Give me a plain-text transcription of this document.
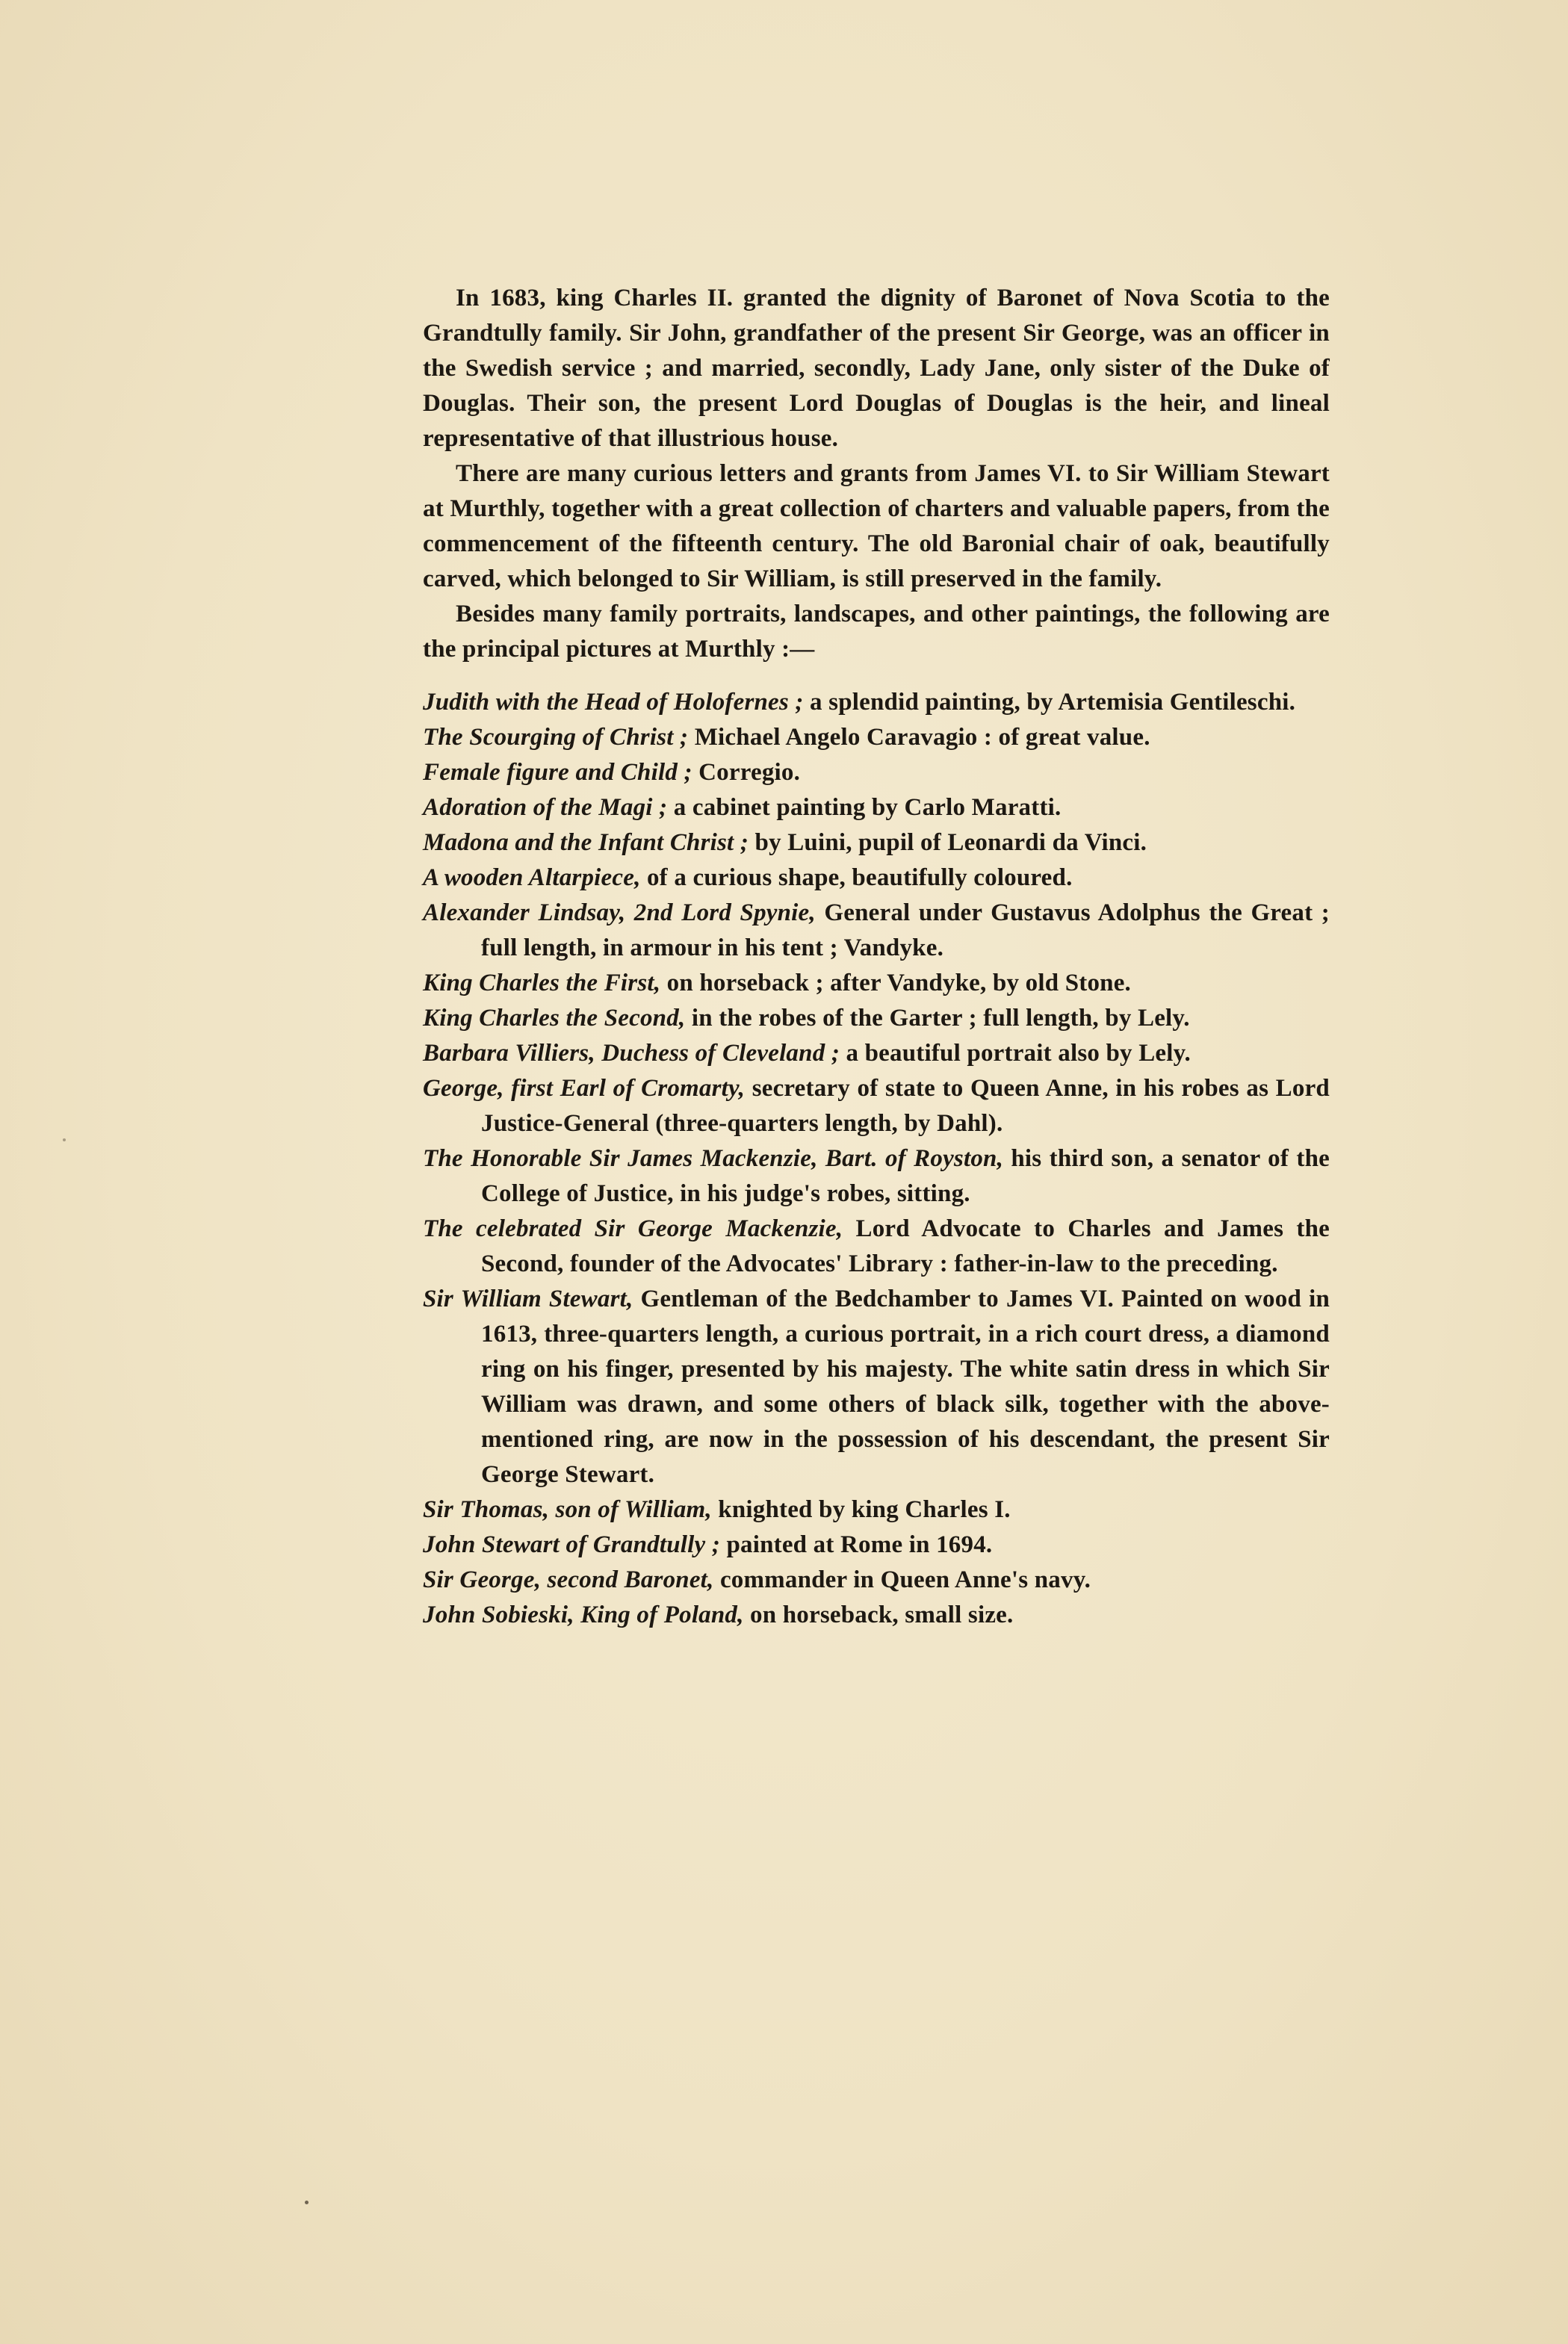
In 1683, king Charles II. granted the dignity of Baronet of Nova Scotia to the Grandtully family. Sir John, grandfather of the present Sir George, was an officer in the Swedish service ; and married, secondly, Lady Jane, only sister of the Duke of Douglas. Their son, the present Lord Douglas of Douglas is the heir, and lineal representative of that illustrious house.

There are many curious letters and grants from James VI. to Sir William Stewart at Murthly, together with a great collection of charters and valuable papers, from the commencement of the fifteenth century. The old Baronial chair of oak, beautifully carved, which belonged to Sir William, is still preserved in the family.

Besides many family portraits, landscapes, and other paintings, the following are the principal pictures at Murthly :—

Judith with the Head of Holofernes ; a splendid painting, by Artemisia Gentileschi.

The Scourging of Christ ; Michael Angelo Caravagio : of great value.

Female figure and Child ; Corregio.

Adoration of the Magi ; a cabinet painting by Carlo Maratti.

Madona and the Infant Christ ; by Luini, pupil of Leonardi da Vinci.

A wooden Altarpiece, of a curious shape, beautifully coloured.

Alexander Lindsay, 2nd Lord Spynie, General under Gustavus Adolphus the Great ; full length, in armour in his tent ; Vandyke.

King Charles the First, on horseback ; after Vandyke, by old Stone.

King Charles the Second, in the robes of the Garter ; full length, by Lely.

Barbara Villiers, Duchess of Cleveland ; a beautiful portrait also by Lely.

George, first Earl of Cromarty, secretary of state to Queen Anne, in his robes as Lord Justice-General (three-quarters length, by Dahl).

The Honorable Sir James Mackenzie, Bart. of Royston, his third son, a senator of the College of Justice, in his judge's robes, sitting.

The celebrated Sir George Mackenzie, Lord Advocate to Charles and James the Second, founder of the Advocates' Library : father-in-law to the preceding.

Sir William Stewart, Gentleman of the Bedchamber to James VI. Painted on wood in 1613, three-quarters length, a curious portrait, in a rich court dress, a diamond ring on his finger, presented by his majesty. The white satin dress in which Sir William was drawn, and some others of black silk, together with the above-mentioned ring, are now in the possession of his descendant, the present Sir George Stewart.

Sir Thomas, son of William, knighted by king Charles I.

John Stewart of Grandtully ; painted at Rome in 1694.

Sir George, second Baronet, commander in Queen Anne's navy.

John Sobieski, King of Poland, on horseback, small size.
